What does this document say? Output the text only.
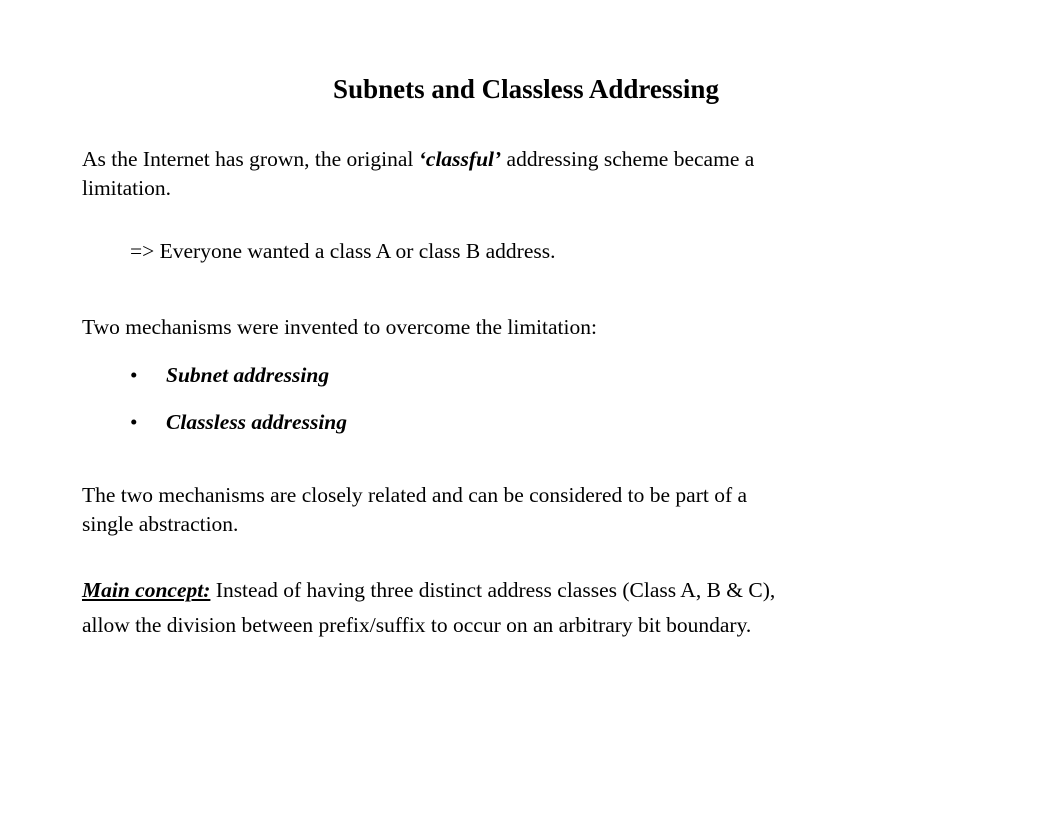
Subnets and Classless Addressing
As the Internet has grown, the original ‘classful’ addressing scheme became a
limitation.
=> Everyone wanted a class A or class B address.
Two mechanisms were invented to overcome the limitation:
• Subnet addressing
• Classless addressing
The two mechanisms are closely related and can be considered to be part of a
single abstraction.
Main concept: Instead of having three distinct address classes (Class A, B & C),
allow the division between prefix/suffix to occur on an arbitrary bit boundary.
